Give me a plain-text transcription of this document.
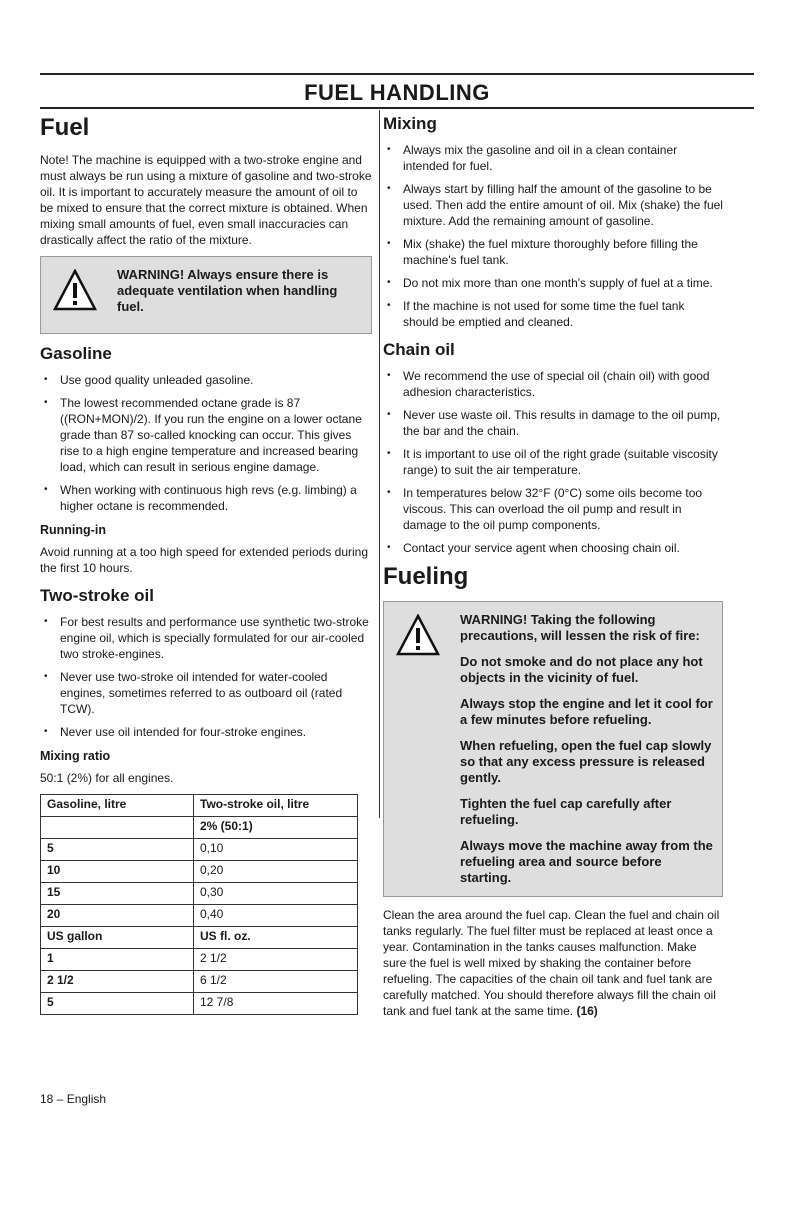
FUEL HANDLING
Fuel

Note! The machine is equipped with a two-stroke engine and must always be run using a mixture of gasoline and two-stroke oil. It is important to accurately measure the amount of oil to be mixed to ensure that the correct mixture is obtained. When mixing small amounts of fuel, even small inaccuracies can drastically affect the ratio of the mixture.

WARNING! Always ensure there is adequate ventilation when handling fuel.

Gasoline
• Use good quality unleaded gasoline.
• The lowest recommended octane grade is 87 ((RON+MON)/2). If you run the engine on a lower octane grade than 87 so-called knocking can occur. This gives rise to a high engine temperature and increased bearing load, which can result in serious engine damage.
• When working with continuous high revs (e.g. limbing) a higher octane is recommended.
Running-in

Avoid running at a too high speed for extended periods during the first 10 hours.

Two-stroke oil
• For best results and performance use synthetic two-stroke engine oil, which is specially formulated for our air-cooled two stroke-engines.
• Never use two-stroke oil intended for water-cooled engines, sometimes referred to as outboard oil (rated TCW).
• Never use oil intended for four-stroke engines.
Mixing ratio

50:1 (2%) for all engines.

Gasoline, litre	Two-stroke oil, litre
	2% (50:1)
5	0,10
10	0,20
15	0,30
20	0,40
US gallon	US fl. oz.
1	2 1/2
2 1/2	6 1/2
5	12 7/8
Mixing
• Always mix the gasoline and oil in a clean container intended for fuel.
• Always start by filling half the amount of the gasoline to be used. Then add the entire amount of oil. Mix (shake) the fuel mixture. Add the remaining amount of gasoline.
• Mix (shake) the fuel mixture thoroughly before filling the machine's fuel tank.
• Do not mix more than one month's supply of fuel at a time.
• If the machine is not used for some time the fuel tank should be emptied and cleaned.
Chain oil
• We recommend the use of special oil (chain oil) with good adhesion characteristics.
• Never use waste oil. This results in damage to the oil pump, the bar and the chain.
• It is important to use oil of the right grade (suitable viscosity range) to suit the air temperature.
• In temperatures below 32°F (0°C) some oils become too viscous. This can overload the oil pump and result in damage to the oil pump components.
• Contact your service agent when choosing chain oil.
Fueling

WARNING! Taking the following precautions, will lessen the risk of fire:

Do not smoke and do not place any hot objects in the vicinity of fuel.

Always stop the engine and let it cool for a few minutes before refueling.

When refueling, open the fuel cap slowly so that any excess pressure is released gently.

Tighten the fuel cap carefully after refueling.

Always move the machine away from the refueling area and source before starting.

Clean the area around the fuel cap. Clean the fuel and chain oil tanks regularly. The fuel filter must be replaced at least once a year. Contamination in the tanks causes malfunction. Make sure the fuel is well mixed by shaking the container before refueling. The capacities of the chain oil tank and fuel tank are carefully matched. You should therefore always fill the chain oil tank and fuel tank at the same time. (16)

18 – English
